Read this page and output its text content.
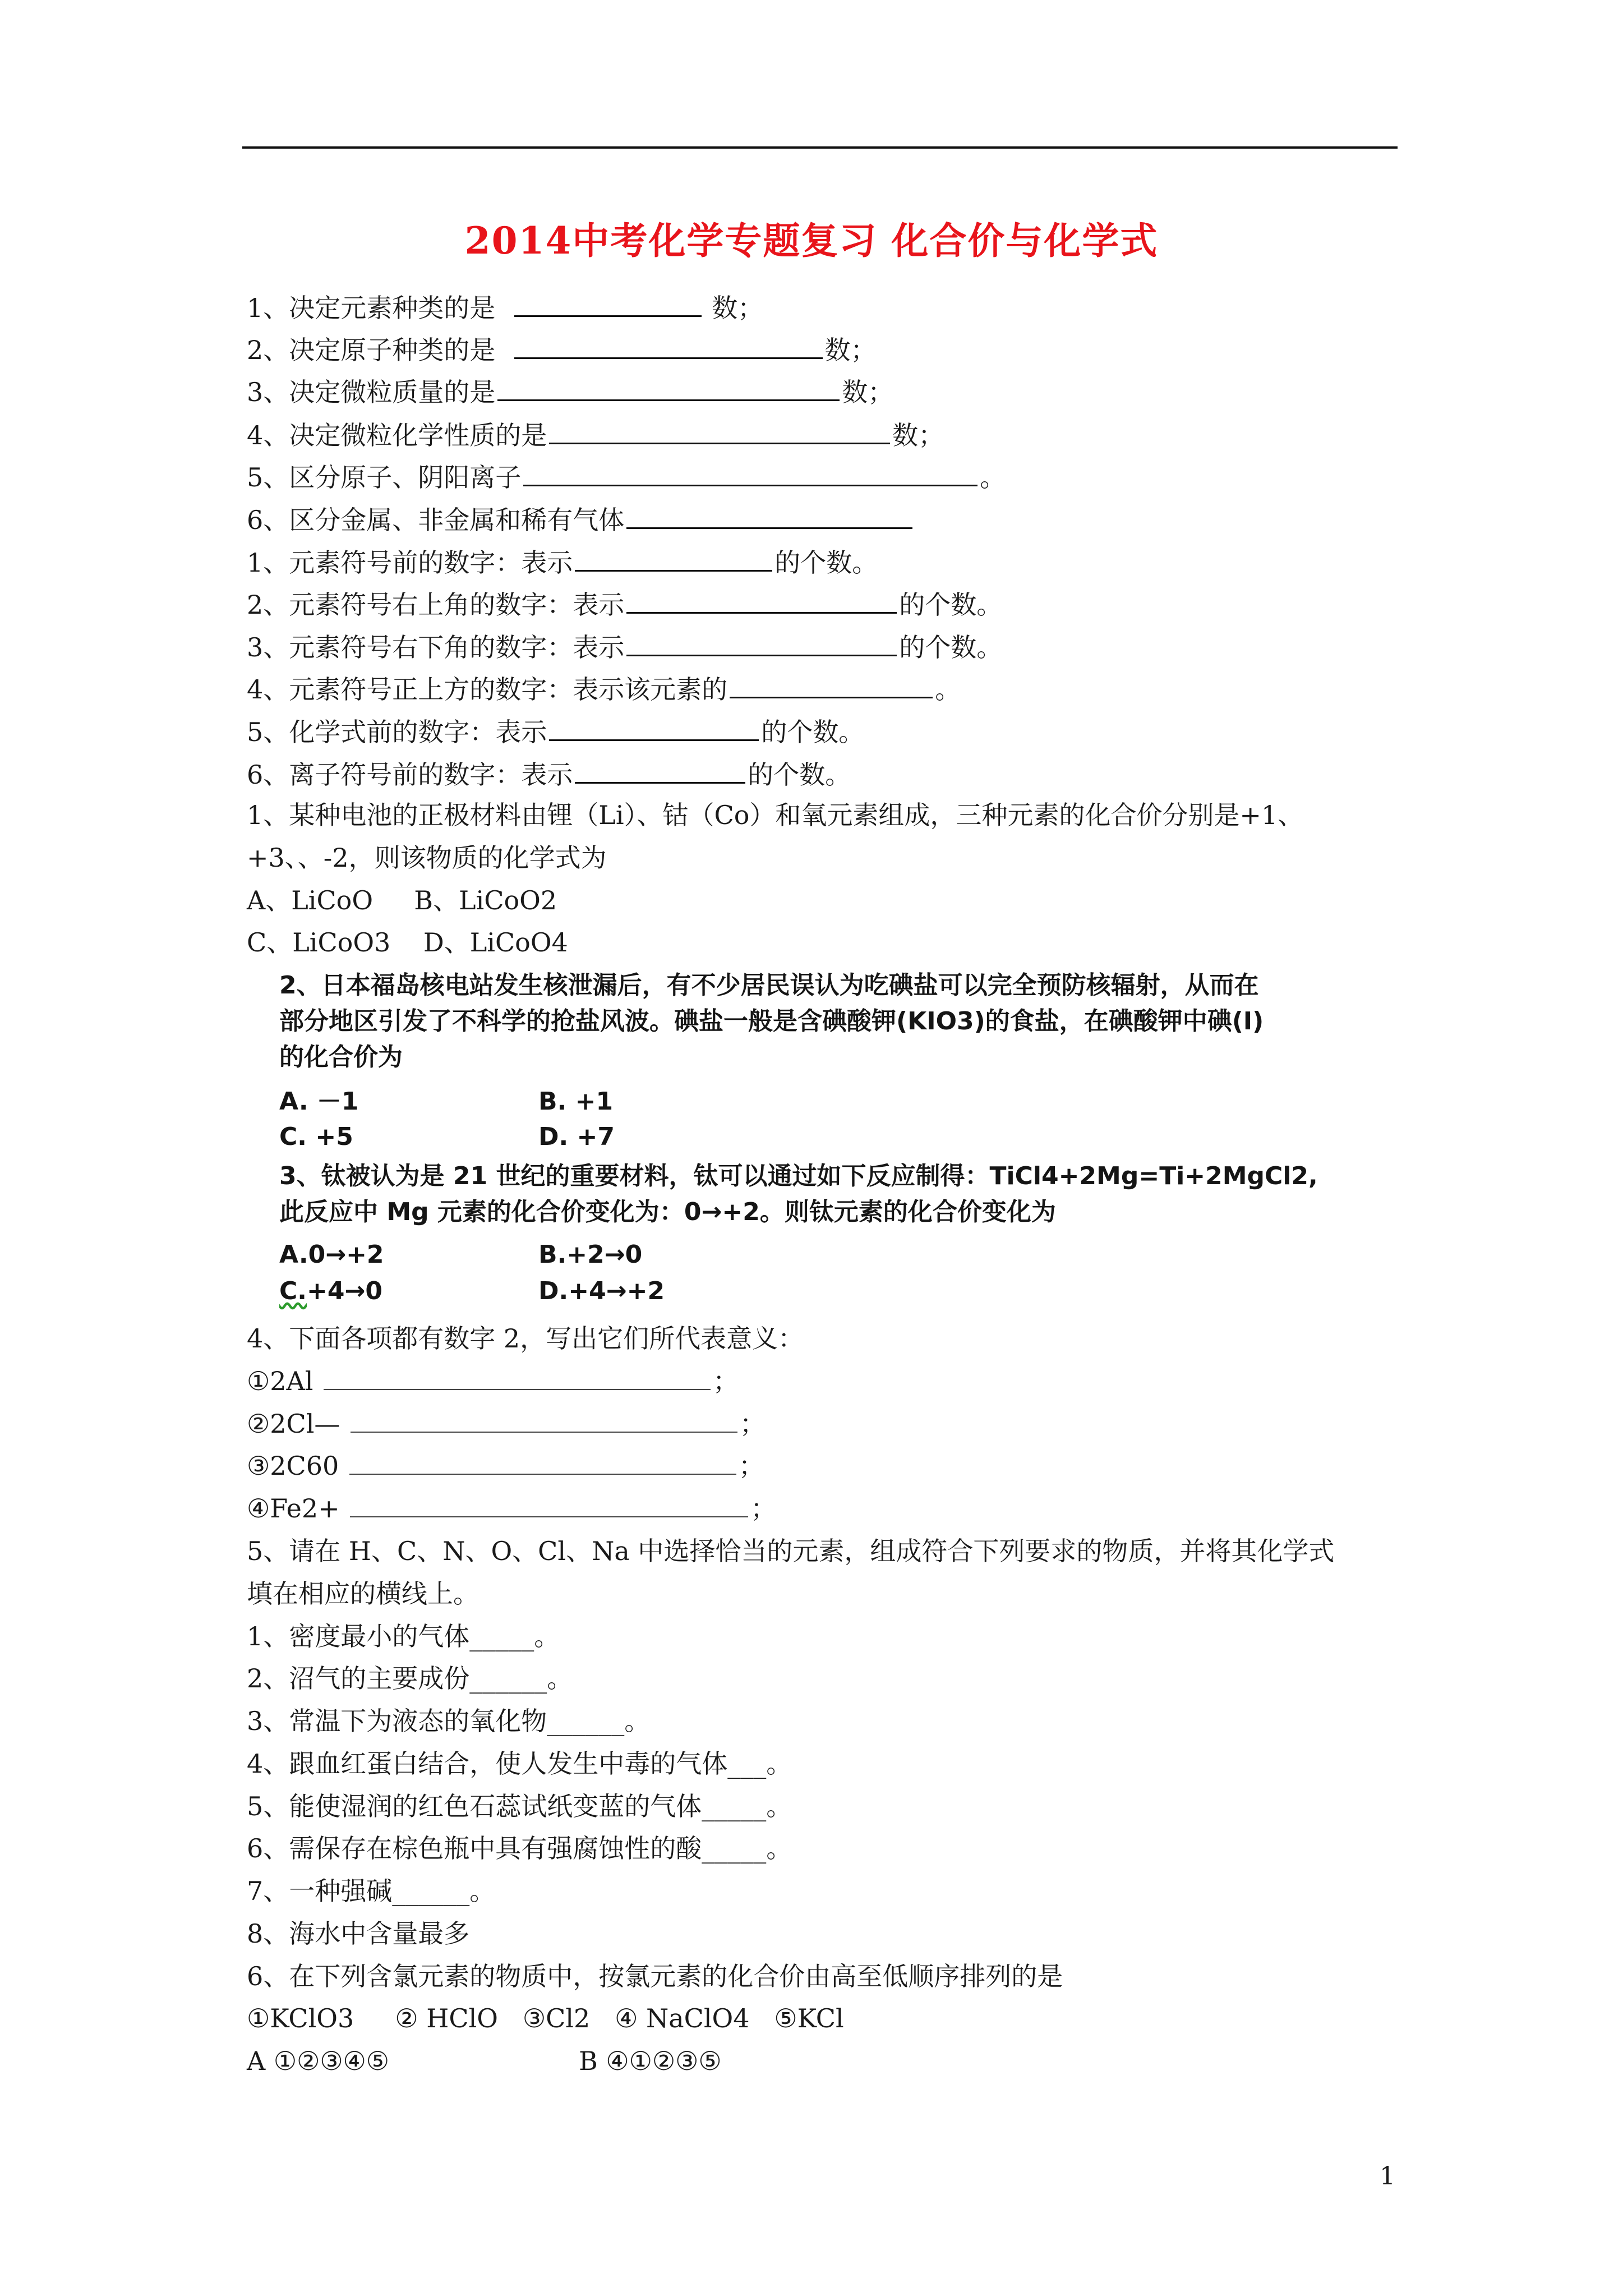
2014中考化学专题复习 化合价与化学式
1、决定元素种类的是	数；
2、决定原子种类的是	数；
3、决定微粒质量的是	数；
4、决定微粒化学性质的是	数；
5、区分原子、阴阳离子	。
6、区分金属、非金属和稀有气体
1、元素符号前的数字：表示	的个数。
2、元素符号右上角的数字：表示	的个数。
3、元素符号右下角的数字：表示	的个数。
4、元素符号正上方的数字：表示该元素的	。
5、化学式前的数字：表示	的个数。
6、离子符号前的数字：表示	的个数。
1、某种电池的正极材料由锂（Li）、钴（Co）和氧元素组成，三种元素的化合价分别是+1、
+3、、-2，则该物质的化学式为
A、LiCoO     B、LiCoO2
C、LiCoO3    D、LiCoO4
2、日本福岛核电站发生核泄漏后，有不少居民误认为吃碘盐可以完全预防核辐射，从而在
部分地区引发了不科学的抢盐风波。碘盐一般是含碘酸钾(KIO3)的食盐，在碘酸钾中碘(I)
的化合价为
A. －1	B. +1
C. +5	D. +7
3、钛被认为是 21 世纪的重要材料，钛可以通过如下反应制得：TiCl4+2Mg=Ti+2MgCl2,
此反应中 Mg 元素的化合价变化为：0→+2。则钛元素的化合价变化为
A.0→+2	B.+2→0
C.+4→0	D.+4→+2
4、下面各项都有数字 2，写出它们所代表意义：
①2Al	；
②2Cl—	；
③2C60	；
④Fe2+	；
5、请在 H、C、N、O、Cl、Na 中选择恰当的元素，组成符合下列要求的物质，并将其化学式
填在相应的横线上。
1、密度最小的气体_____。
2、沼气的主要成份______。
3、常温下为液态的氧化物______。
4、跟血红蛋白结合，使人发生中毒的气体___。
5、能使湿润的红色石蕊试纸变蓝的气体_____。
6、需保存在棕色瓶中具有强腐蚀性的酸_____。
7、一种强碱______。
8、海水中含量最多
6、在下列含氯元素的物质中，按氯元素的化合价由高至低顺序排列的是
①KClO3     ② HClO   ③Cl2   ④ NaClO4   ⑤KCl
A ①②③④⑤	B ④①②③⑤
1
